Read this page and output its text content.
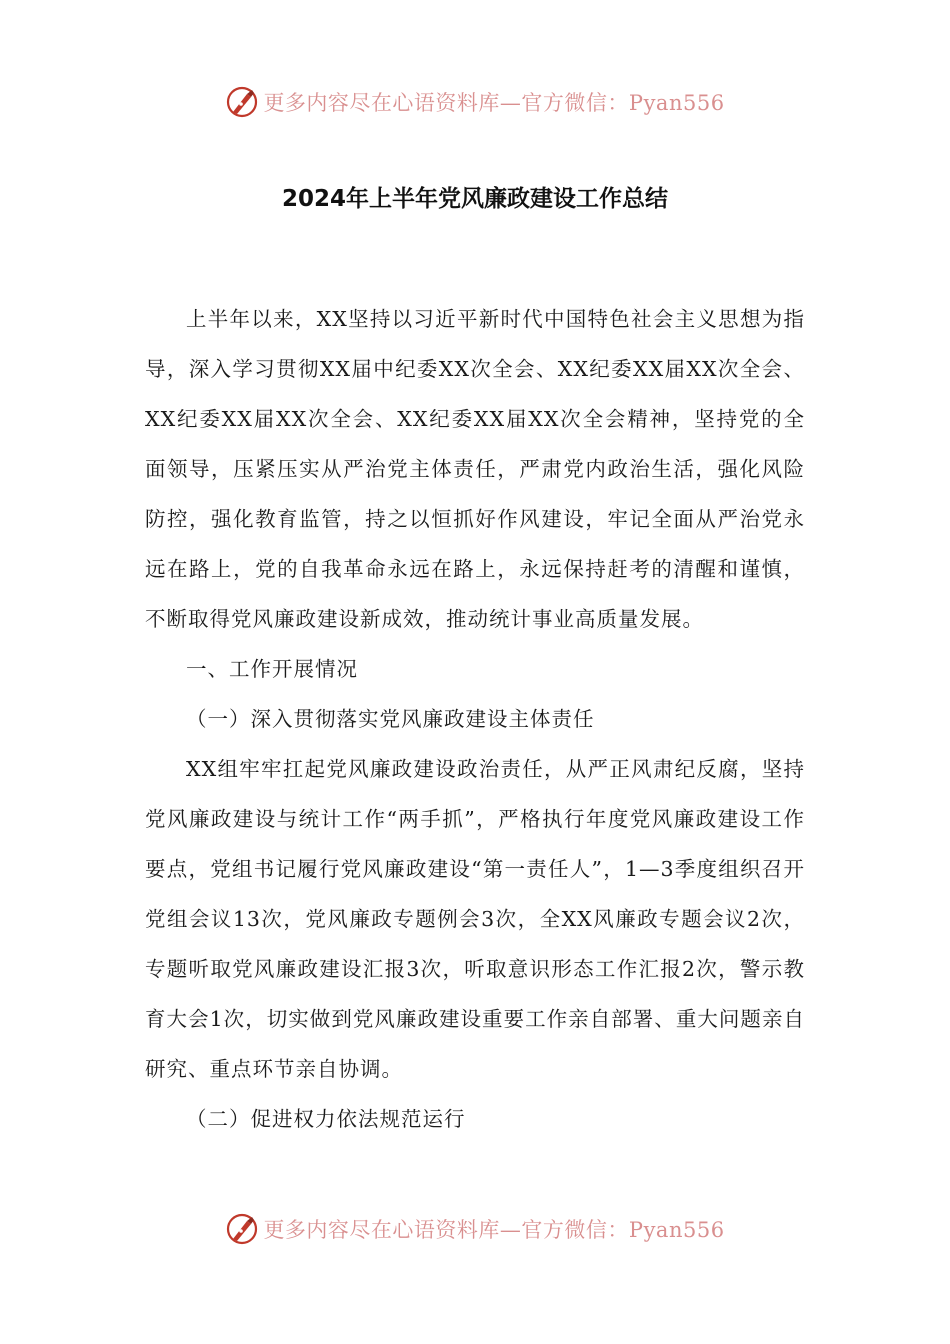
更多内容尽在心语资料库—官方微信：Pyan556
2024年上半年党风廉政建设工作总结

上半年以来，XX坚持以习近平新时代中国特色社会主义思想为指导，深入学习贯彻XX届中纪委XX次全会、XX纪委XX届XX次全会、XX纪委XX届XX次全会、XX纪委XX届XX次全会精神，坚持党的全面领导，压紧压实从严治党主体责任，严肃党内政治生活，强化风险防控，强化教育监管，持之以恒抓好作风建设，牢记全面从严治党永远在路上，党的自我革命永远在路上，永远保持赶考的清醒和谨慎，不断取得党风廉政建设新成效，推动统计事业高质量发展。

一、工作开展情况

（一）深入贯彻落实党风廉政建设主体责任

XX组牢牢扛起党风廉政建设政治责任，从严正风肃纪反腐，坚持党风廉政建设与统计工作“两手抓”，严格执行年度党风廉政建设工作要点，党组书记履行党风廉政建设“第一责任人”，1—3季度组织召开党组会议13次，党风廉政专题例会3次，全XX风廉政专题会议2次，专题听取党风廉政建设汇报3次，听取意识形态工作汇报2次，警示教育大会1次，切实做到党风廉政建设重要工作亲自部署、重大问题亲自研究、重点环节亲自协调。

（二）促进权力依法规范运行

更多内容尽在心语资料库—官方微信：Pyan556
